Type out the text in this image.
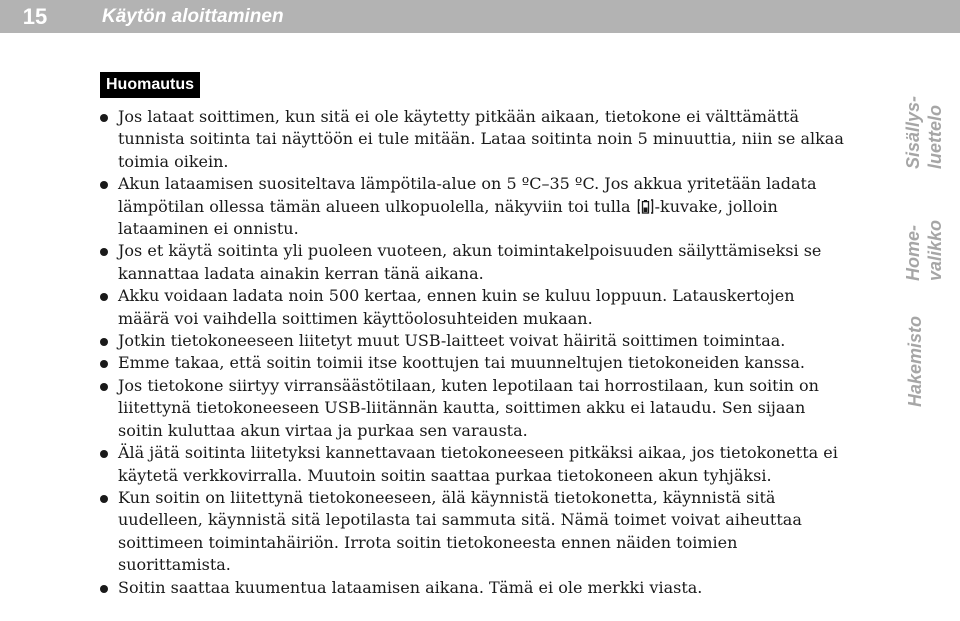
15	Käytön aloittaminen
Huomautus
Jos lataat soittimen, kun sitä ei ole käytetty pitkään aikaan, tietokone ei välttämättä tunnista soitinta tai näyttöön ei tule mitään. Lataa soitinta noin 5 minuuttia, niin se alkaa toimia oikein.
Akun lataamisen suositeltava lämpötila-alue on 5 ºC–35 ºC. Jos akkua yritetään ladata lämpötilan ollessa tämän alueen ulkopuolella, näkyviin toi tulla -kuvake, jolloin lataaminen ei onnistu.
Jos et käytä soitinta yli puoleen vuoteen, akun toimintakelpoisuuden säilyttämiseksi se kannattaa ladata ainakin kerran tänä aikana.
Akku voidaan ladata noin 500 kertaa, ennen kuin se kuluu loppuun. Latauskertojen määrä voi vaihdella soittimen käyttöolosuhteiden mukaan.
Jotkin tietokoneeseen liitetyt muut USB-laitteet voivat häiritä soittimen toimintaa.
Emme takaa, että soitin toimii itse koottujen tai muunneltujen tietokoneiden kanssa.
Jos tietokone siirtyy virransäästötilaan, kuten lepotilaan tai horrostilaan, kun soitin on liitettynä tietokoneeseen USB-liitännän kautta, soittimen akku ei lataudu. Sen sijaan soitin kuluttaa akun virtaa ja purkaa sen varausta.
Älä jätä soitinta liitetyksi kannettavaan tietokoneeseen pitkäksi aikaa, jos tietokonetta ei käytetä verkkovirralla. Muutoin soitin saattaa purkaa tietokoneen akun tyhjäksi.
Kun soitin on liitettynä tietokoneeseen, älä käynnistä tietokonetta, käynnistä sitä uudelleen, käynnistä sitä lepotilasta tai sammuta sitä. Nämä toimet voivat aiheuttaa soittimeen toimintahäiriön. Irrota soitin tietokoneesta ennen näiden toimien suorittamista.
Soitin saattaa kuumentua lataamisen aikana. Tämä ei ole merkki viasta.
Sisällys-
luettelo
Home-
valikko
Hakemisto
